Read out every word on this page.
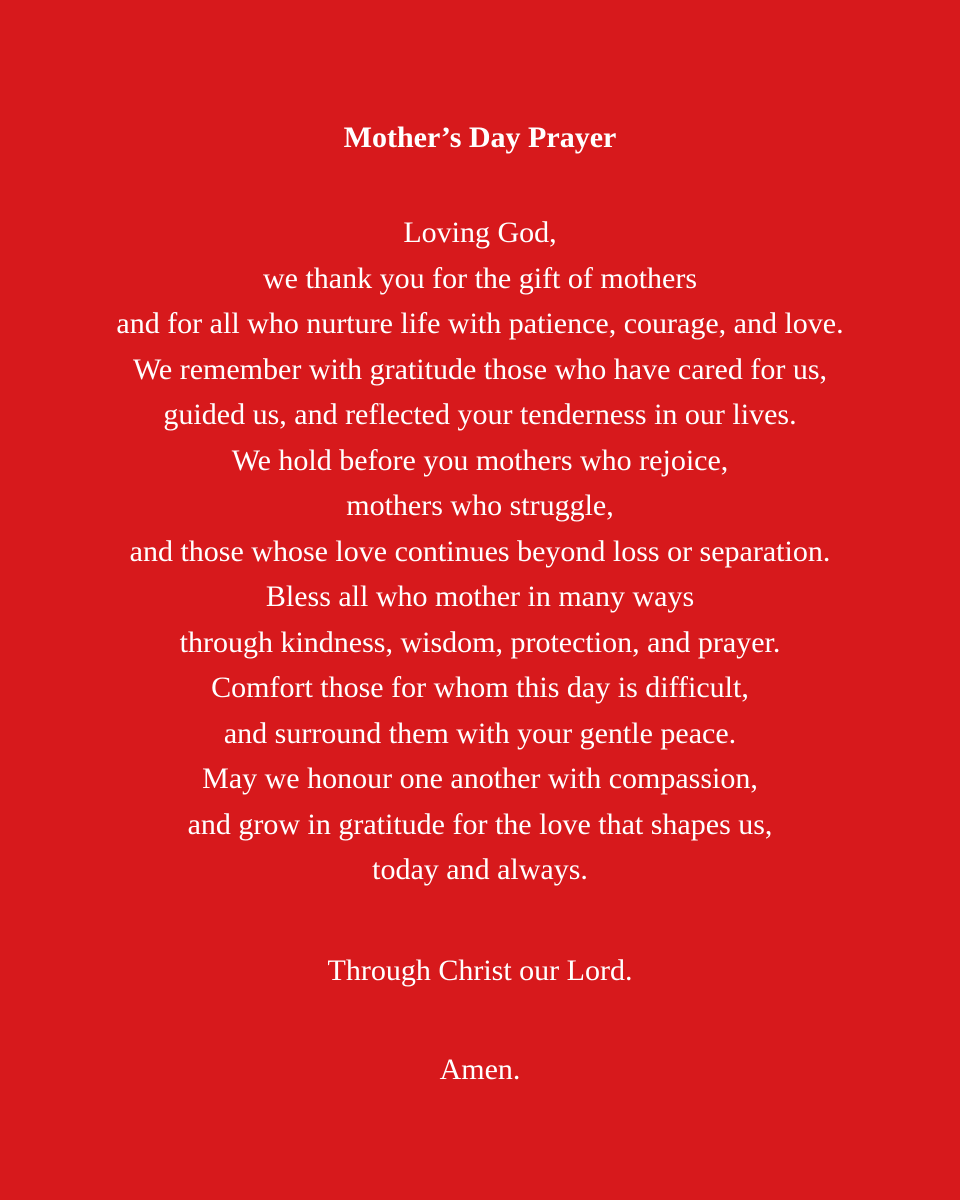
Mother’s Day Prayer
Loving God,
we thank you for the gift of mothers
and for all who nurture life with patience, courage, and love.
We remember with gratitude those who have cared for us,
guided us, and reflected your tenderness in our lives.
We hold before you mothers who rejoice,
mothers who struggle,
and those whose love continues beyond loss or separation.
Bless all who mother in many ways
through kindness, wisdom, protection, and prayer.
Comfort those for whom this day is difficult,
and surround them with your gentle peace.
May we honour one another with compassion,
and grow in gratitude for the love that shapes us,
today and always.
Through Christ our Lord.
Amen.
